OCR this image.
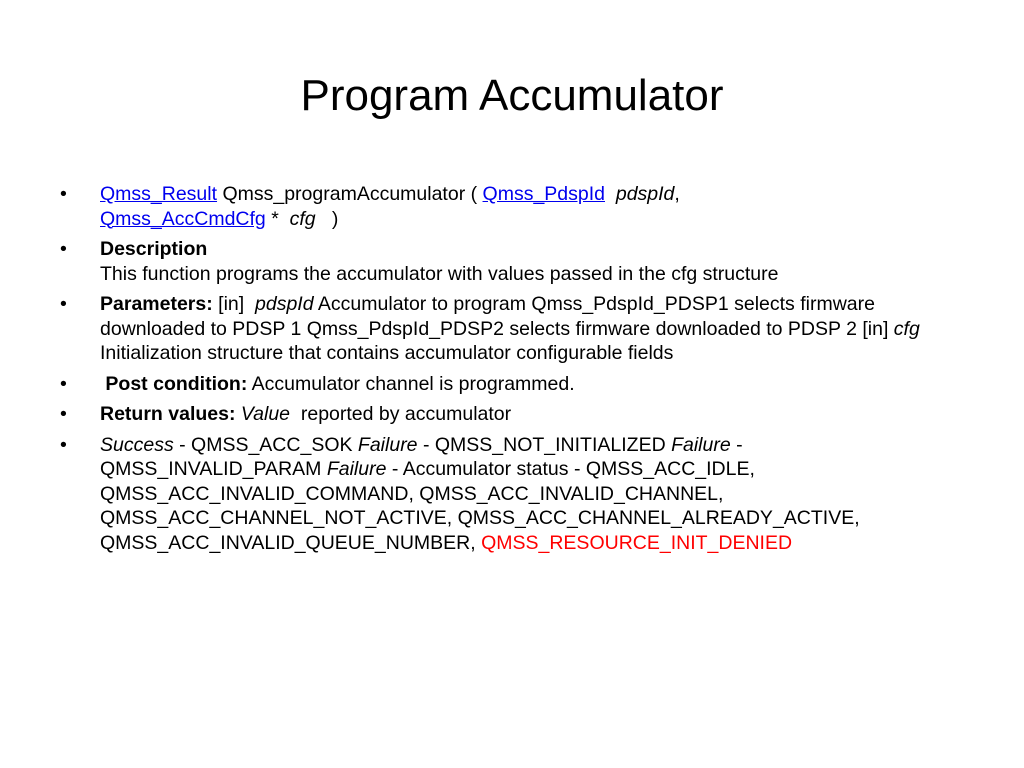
Program Accumulator
•	Qmss_Result Qmss_programAccumulator ( Qmss_PdspId pdspId,
Qmss_AccCmdCfg *  cfg   )
•	Description
This function programs the accumulator with values passed in the cfg structure
•	Parameters: [in]  pdspId Accumulator to program Qmss_PdspId_PDSP1 selects firmware downloaded to PDSP 1 Qmss_PdspId_PDSP2 selects firmware downloaded to PDSP 2 [in] cfg Initialization structure that contains accumulator configurable fields
•	Post condition: Accumulator channel is programmed.
•	Return values: Value  reported by accumulator
•	Success - QMSS_ACC_SOK Failure - QMSS_NOT_INITIALIZED Failure - QMSS_INVALID_PARAM Failure - Accumulator status - QMSS_ACC_IDLE, QMSS_ACC_INVALID_COMMAND, QMSS_ACC_INVALID_CHANNEL, QMSS_ACC_CHANNEL_NOT_ACTIVE, QMSS_ACC_CHANNEL_ALREADY_ACTIVE, QMSS_ACC_INVALID_QUEUE_NUMBER, QMSS_RESOURCE_INIT_DENIED
